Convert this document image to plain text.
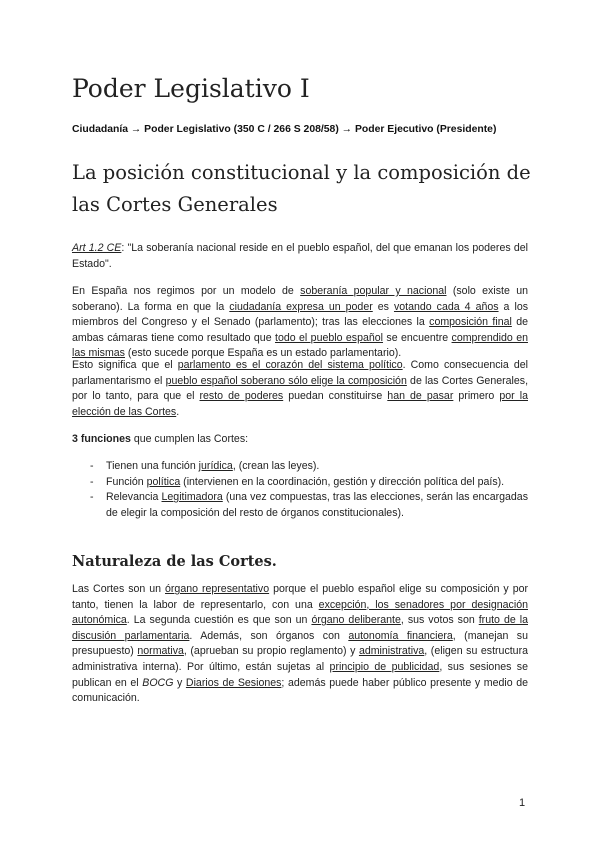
Poder Legislativo I

Ciudadanía → Poder Legislativo (350 C / 266 S 208/58) → Poder Ejecutivo (Presidente)

La posición constitucional y la composición de las Cortes Generales

Art 1.2 CE: "La soberanía nacional reside en el pueblo español, del que emanan los poderes del Estado".

En España nos regimos por un modelo de soberanía popular y nacional (solo existe un soberano). La forma en que la ciudadanía expresa un poder es votando cada 4 años a los miembros del Congreso y el Senado (parlamento); tras las elecciones la composición final de ambas cámaras tiene como resultado que todo el pueblo español se encuentre comprendido en las mismas (esto sucede porque España es un estado parlamentario).

Esto significa que el parlamento es el corazón del sistema político. Como consecuencia del parlamentarismo el pueblo español soberano sólo elige la composición de las Cortes Generales, por lo tanto, para que el resto de poderes puedan constituirse han de pasar primero por la elección de las Cortes.

3 funciones que cumplen las Cortes:

- Tienen una función jurídica, (crean las leyes).
- Función política (intervienen en la coordinación, gestión y dirección política del país).
- Relevancia Legitimadora (una vez compuestas, tras las elecciones, serán las encargadas de elegir la composición del resto de órganos constitucionales).
Naturaleza de las Cortes.

Las Cortes son un órgano representativo porque el pueblo español elige su composición y por tanto, tienen la labor de representarlo, con una excepción, los senadores por designación autonómica. La segunda cuestión es que son un órgano deliberante, sus votos son fruto de la discusión parlamentaria. Además, son órganos con autonomía financiera, (manejan su presupuesto) normativa, (aprueban su propio reglamento) y administrativa, (eligen su estructura administrativa interna). Por último, están sujetas al principio de publicidad, sus sesiones se publican en el BOCG y Diarios de Sesiones; además puede haber público presente y medio de comunicación.

1
